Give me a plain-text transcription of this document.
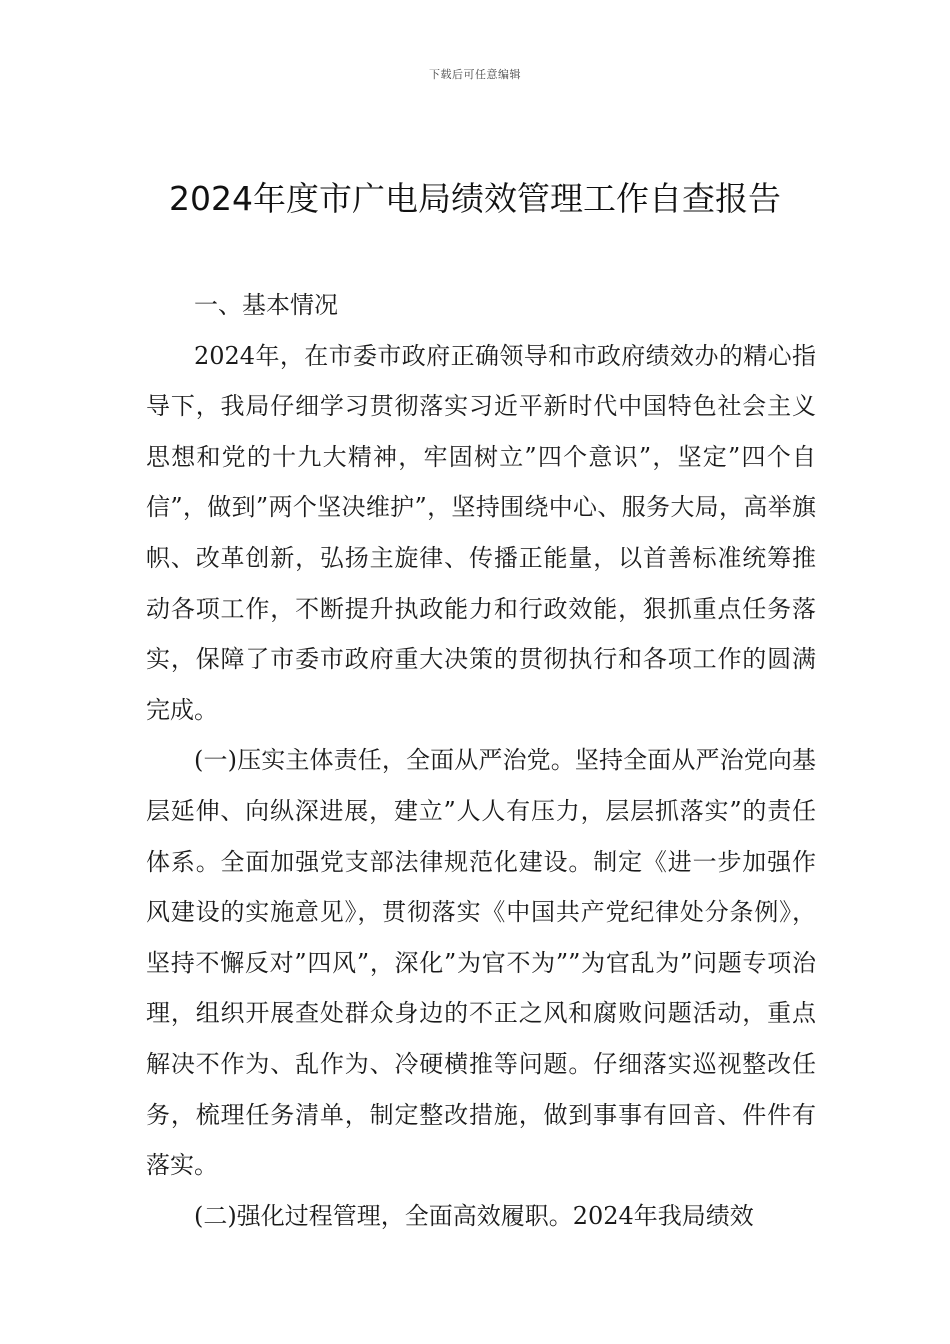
下载后可任意编辑
2024年度市广电局绩效管理工作自查报告

一、基本情况

2024年，在市委市政府正确领导和市政府绩效办的精心指导下，我局仔细学习贯彻落实习近平新时代中国特色社会主义思想和党的十九大精神，牢固树立”四个意识”，坚定”四个自信”，做到”两个坚决维护”，坚持围绕中心、服务大局，高举旗帜、改革创新，弘扬主旋律、传播正能量，以首善标准统筹推动各项工作，不断提升执政能力和行政效能，狠抓重点任务落实，保障了市委市政府重大决策的贯彻执行和各项工作的圆满完成。

(一)压实主体责任，全面从严治党。坚持全面从严治党向基层延伸、向纵深进展，建立”人人有压力，层层抓落实”的责任体系。全面加强党支部法律规范化建设。制定《进一步加强作风建设的实施意见》，贯彻落实《中国共产党纪律处分条例》，坚持不懈反对”四风”，深化”为官不为””为官乱为”问题专项治理，组织开展查处群众身边的不正之风和腐败问题活动，重点解决不作为、乱作为、冷硬横推等问题。仔细落实巡视整改任务，梳理任务清单，制定整改措施，做到事事有回音、件件有落实。

(二)强化过程管理，全面高效履职。2024年我局绩效
